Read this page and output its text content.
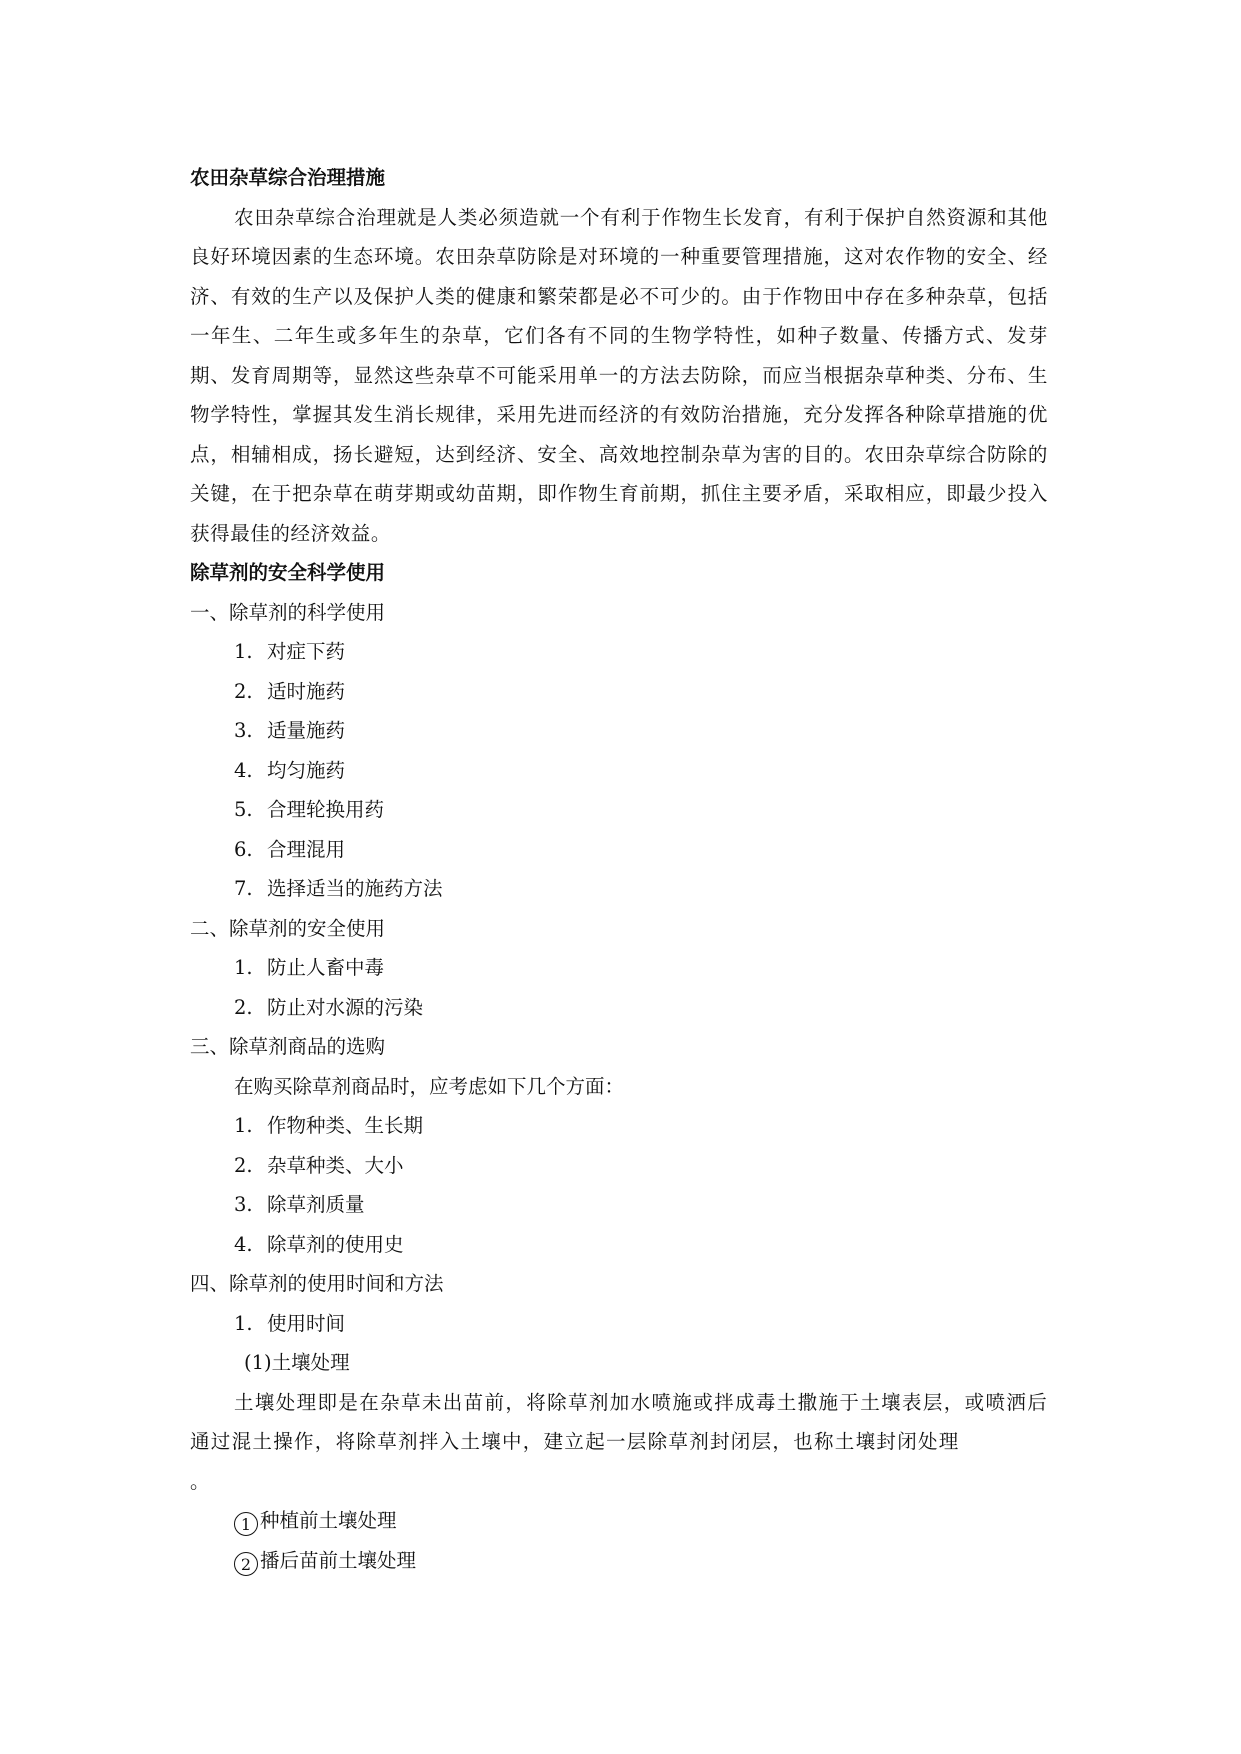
农田杂草综合治理措施

农田杂草综合治理就是人类必须造就一个有利于作物生长发育，有利于保护自然资源和其他良好环境因素的生态环境。农田杂草防除是对环境的一种重要管理措施，这对农作物的安全、经济、有效的生产以及保护人类的健康和繁荣都是必不可少的。由于作物田中存在多种杂草，包括一年生、二年生或多年生的杂草，它们各有不同的生物学特性，如种子数量、传播方式、发芽期、发育周期等，显然这些杂草不可能采用单一的方法去防除，而应当根据杂草种类、分布、生物学特性，掌握其发生消长规律，采用先进而经济的有效防治措施，充分发挥各种除草措施的优点，相辅相成，扬长避短，达到经济、安全、高效地控制杂草为害的目的。农田杂草综合防除的关键，在于把杂草在萌芽期或幼苗期，即作物生育前期，抓住主要矛盾，采取相应，即最少投入获得最佳的经济效益。

除草剂的安全科学使用
一、除草剂的科学使用
1. 对症下药
2. 适时施药
3. 适量施药
4. 均匀施药
5. 合理轮换用药
6. 合理混用
7. 选择适当的施药方法
二、除草剂的安全使用
1. 防止人畜中毒
2. 防止对水源的污染
三、除草剂商品的选购
在购买除草剂商品时，应考虑如下几个方面：
1. 作物种类、生长期
2. 杂草种类、大小
3. 除草剂质量
4. 除草剂的使用史
四、除草剂的使用时间和方法
1. 使用时间
(1)土壤处理

土壤处理即是在杂草未出苗前，将除草剂加水喷施或拌成毒土撒施于土壤表层，或喷洒后通过混土操作，将除草剂拌入土壤中，建立起一层除草剂封闭层，也称土壤封闭处理

。
1 种植前土壤处理
2 播后苗前土壤处理
